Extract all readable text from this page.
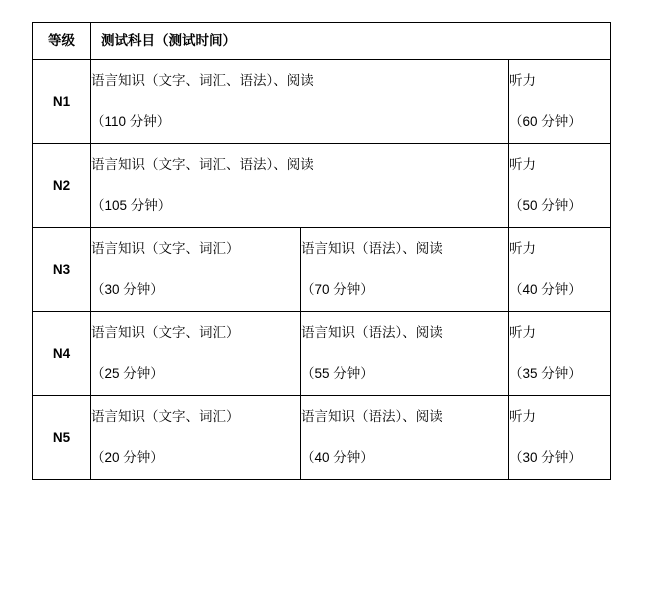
等级	测试科目（测试时间）		
N1	语言知识（文字、词汇、语法）、阅读		听力
	（110 分钟）		（60 分钟）
N2	语言知识（文字、词汇、语法）、阅读		听力
	（105 分钟）		（50 分钟）
N3	语言知识（文字、词汇）	语言知识（语法）、阅读	听力
	（30 分钟）	（70 分钟）	（40 分钟）
N4	语言知识（文字、词汇）	语言知识（语法）、阅读	听力
	（25 分钟）	（55 分钟）	（35 分钟）
N5	语言知识（文字、词汇）	语言知识（语法）、阅读	听力
	（20 分钟）	（40 分钟）	（30 分钟）
